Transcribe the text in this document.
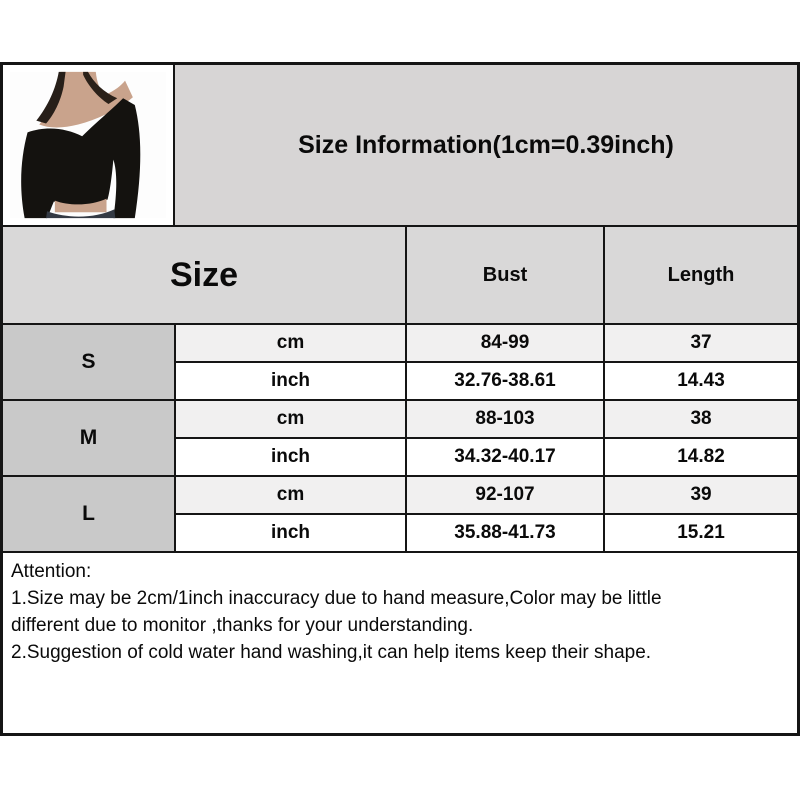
Size Information(1cm=0.39inch)
Size		Bust	Length
S	cm	84-99	37
	inch	32.76-38.61	14.43
M	cm	88-103	38
	inch	34.32-40.17	14.82
L	cm	92-107	39
	inch	35.88-41.73	15.21
Attention:
1.Size may be 2cm/1inch inaccuracy due to hand measure,Color may be little
different due to monitor ,thanks for your understanding.
2.Suggestion of cold water hand washing,it can help items keep their shape.
